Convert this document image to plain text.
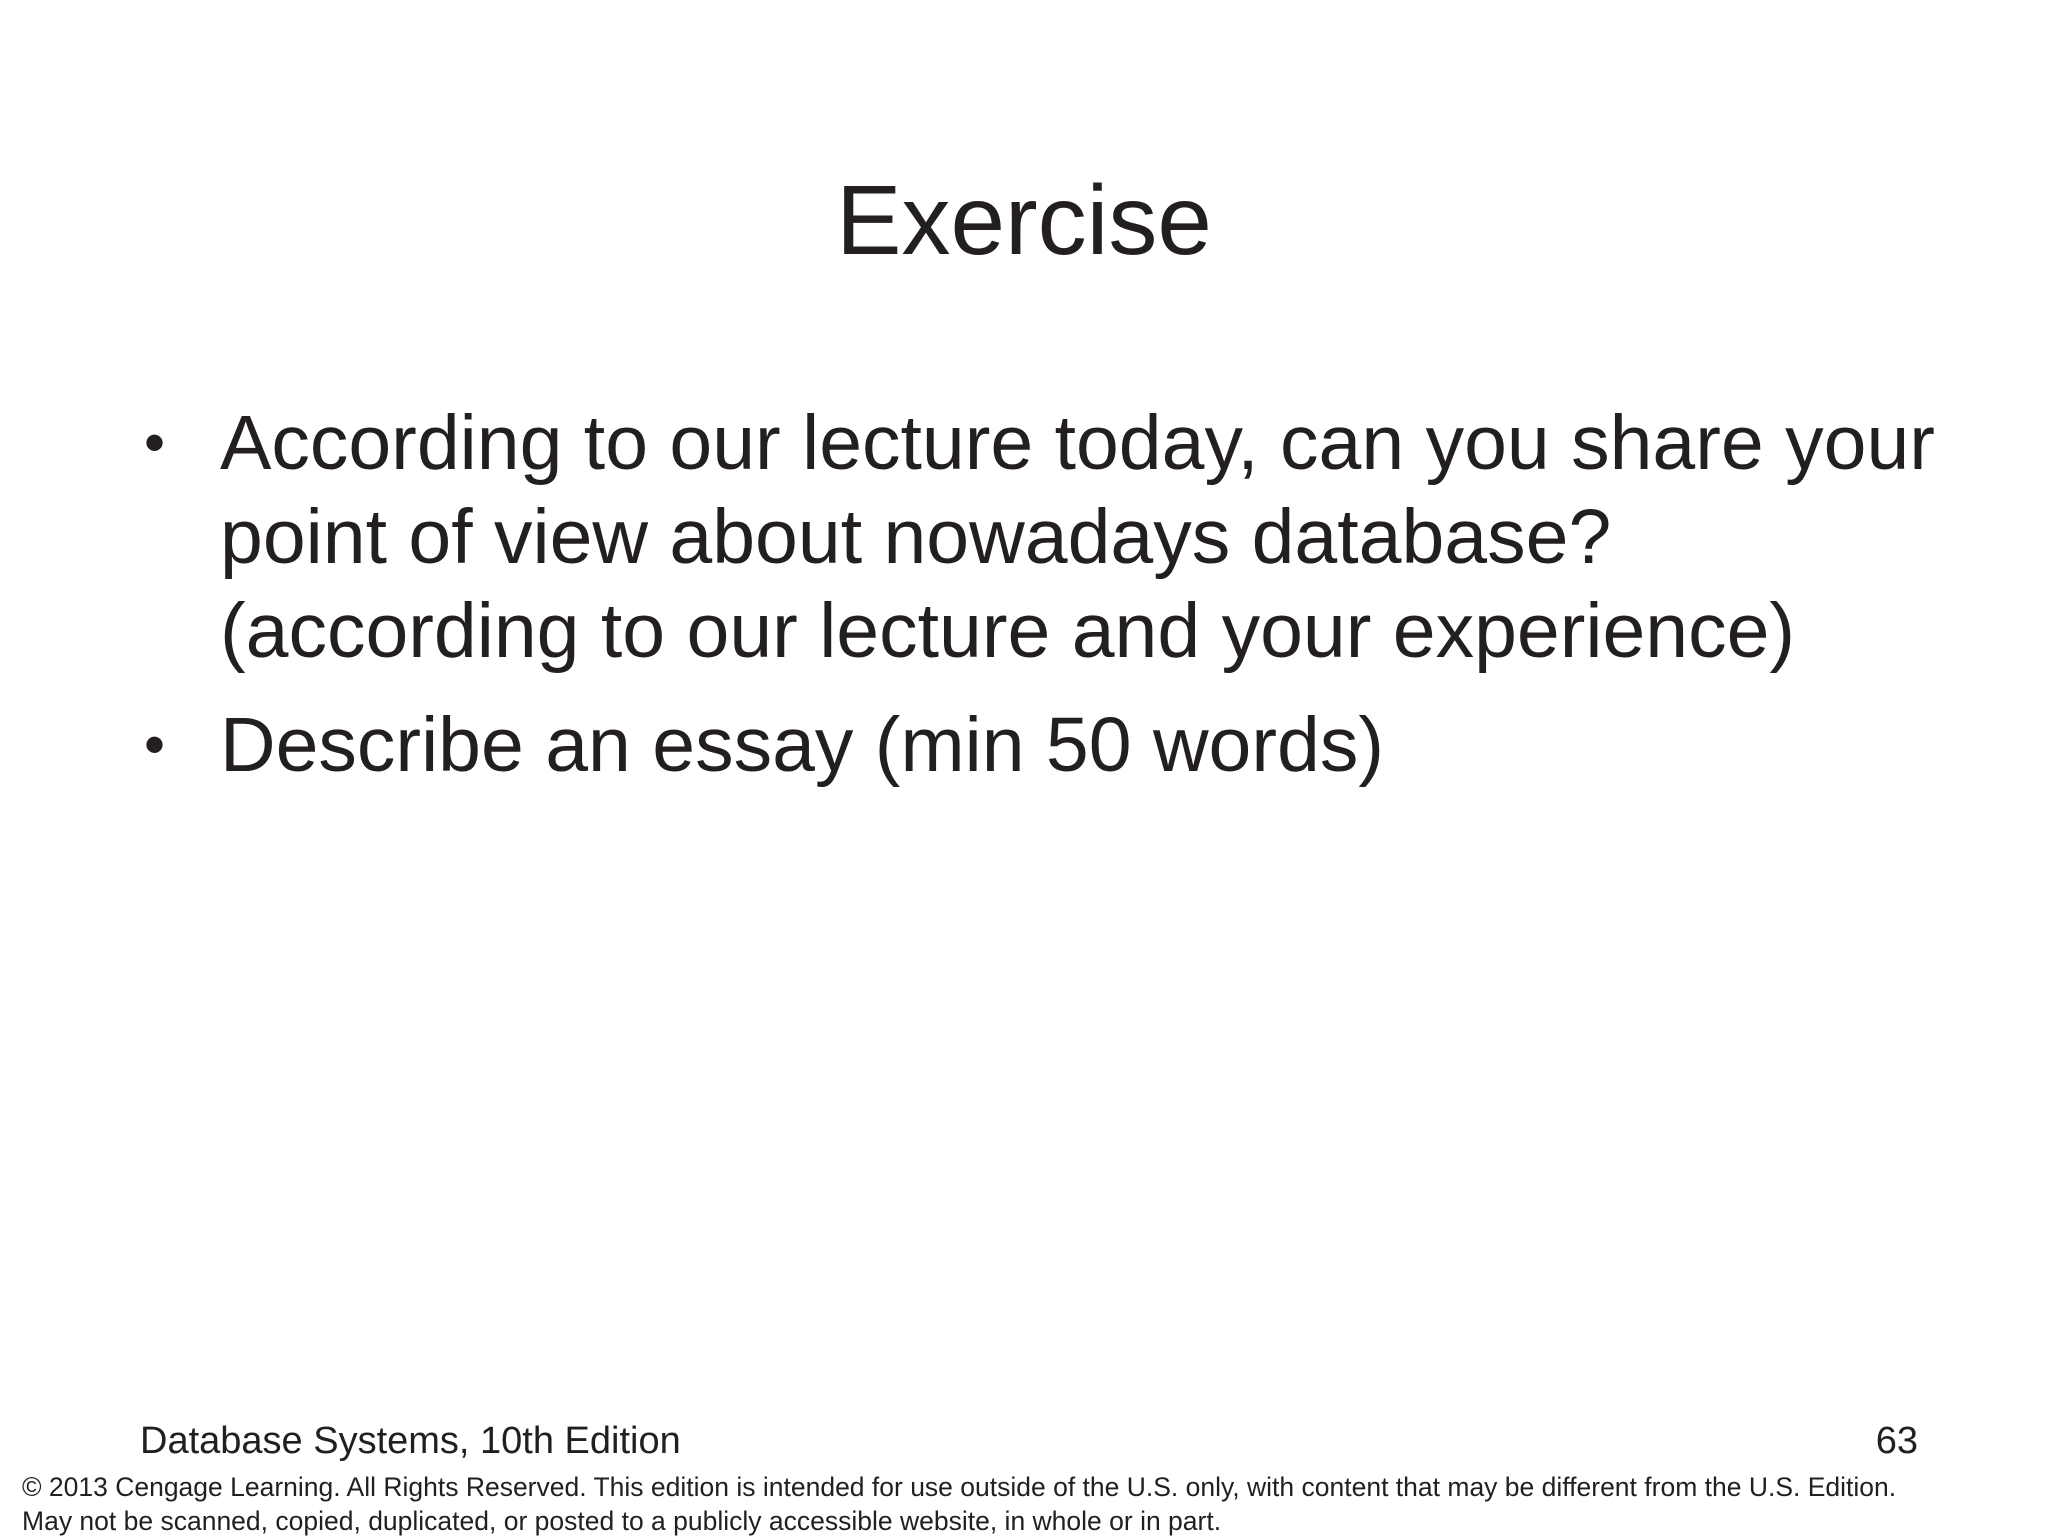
Exercise
• According to our lecture today, can you share your point of view about nowadays database? (according to our lecture and your experience)
• Describe an essay (min 50 words)
Database Systems, 10th Edition	63
© 2013 Cengage Learning. All Rights Reserved. This edition is intended for use outside of the U.S. only, with content that may be different from the U.S. Edition.
May not be scanned, copied, duplicated, or posted to a publicly accessible website, in whole or in part.
